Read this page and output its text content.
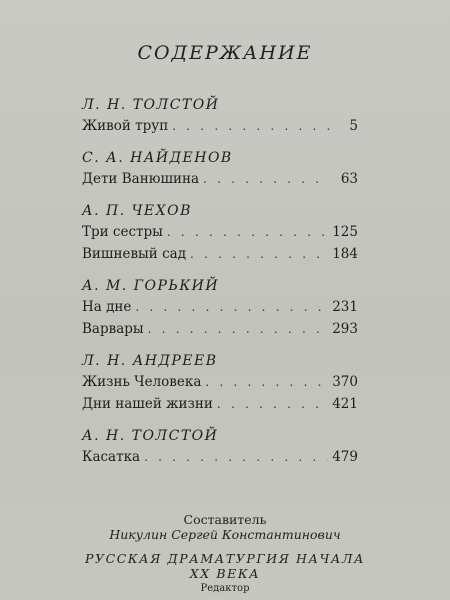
СОДЕРЖАНИЕ
Л. Н. ТОЛСТОЙ
Живой труп . . .	5
С. А. НАЙДЕНОВ
Дети Ванюшина . . .	63
А. П. ЧЕХОВ
Три сестры . . .	125
Вишневый сад . . .	184
А. М. ГОРЬКИЙ
На дне . . .	231
Варвары . . .	293
Л. Н. АНДРЕЕВ
Жизнь Человека . . .	370
Дни нашей жизни . . .	421
А. Н. ТОЛСТОЙ
Касатка . . .	479
Составитель
Никулин Сергей Константинович
РУССКАЯ ДРАМАТУРГИЯ НАЧАЛА
XX ВЕКА
Редактор
